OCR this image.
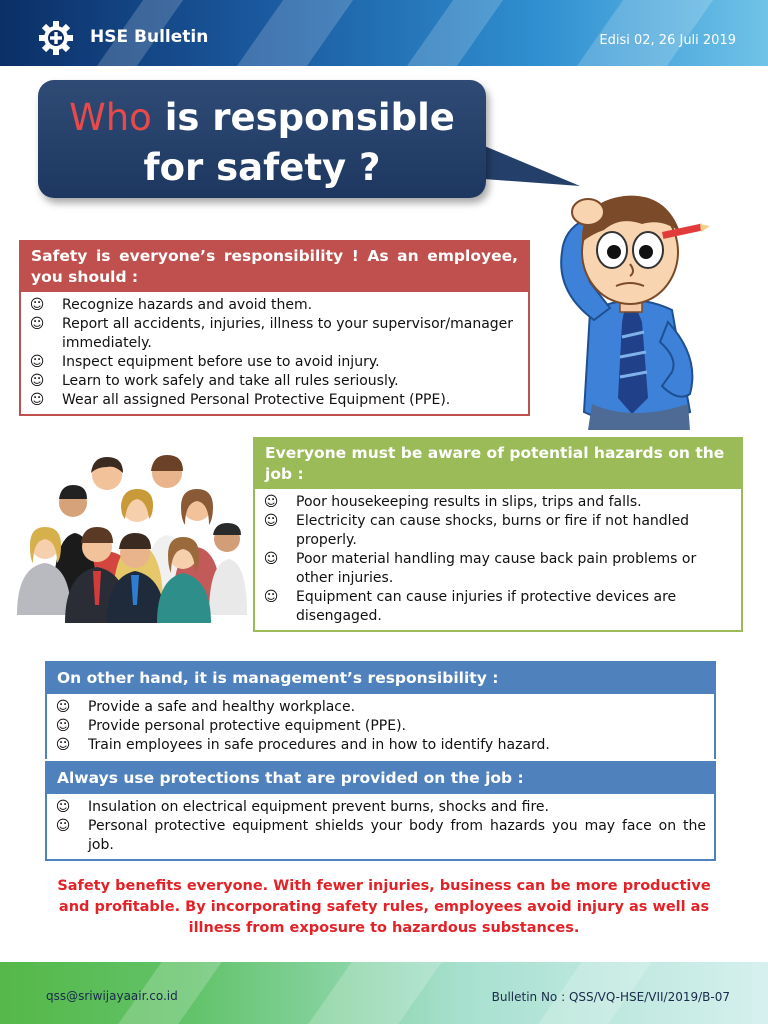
HSE Bulletin	Edisi 02, 26 Juli 2019
Who is responsible
for safety ?
Safety is everyone’s responsibility ! As an employee, you should :
☺ Recognize hazards and avoid them.
☺ Report all accidents, injuries, illness to your supervisor/manager immediately.
☺ Inspect equipment before use to avoid injury.
☺ Learn to work safely and take all rules seriously.
☺ Wear all assigned Personal Protective Equipment (PPE).
Everyone must be aware of potential hazards on the job :
☺ Poor housekeeping results in slips, trips and falls.
☺ Electricity can cause shocks, burns or fire if not handled properly.
☺ Poor material handling may cause back pain problems or other injuries.
☺ Equipment can cause injuries if protective devices are disengaged.
On other hand, it is management’s responsibility :
☺ Provide a safe and healthy workplace.
☺ Provide personal protective equipment (PPE).
☺ Train employees in safe procedures and in how to identify hazard.
Always use protections that are provided on the job :
☺ Insulation on electrical equipment prevent burns, shocks and fire.
☺ Personal protective equipment shields your body from hazards you may face on the job.
Safety benefits everyone. With fewer injuries, business can be more productive and profitable. By incorporating safety rules, employees avoid injury as well as illness from exposure to hazardous substances.
qss@sriwijayaair.co.id	Bulletin No : QSS/VQ-HSE/VII/2019/B-07
